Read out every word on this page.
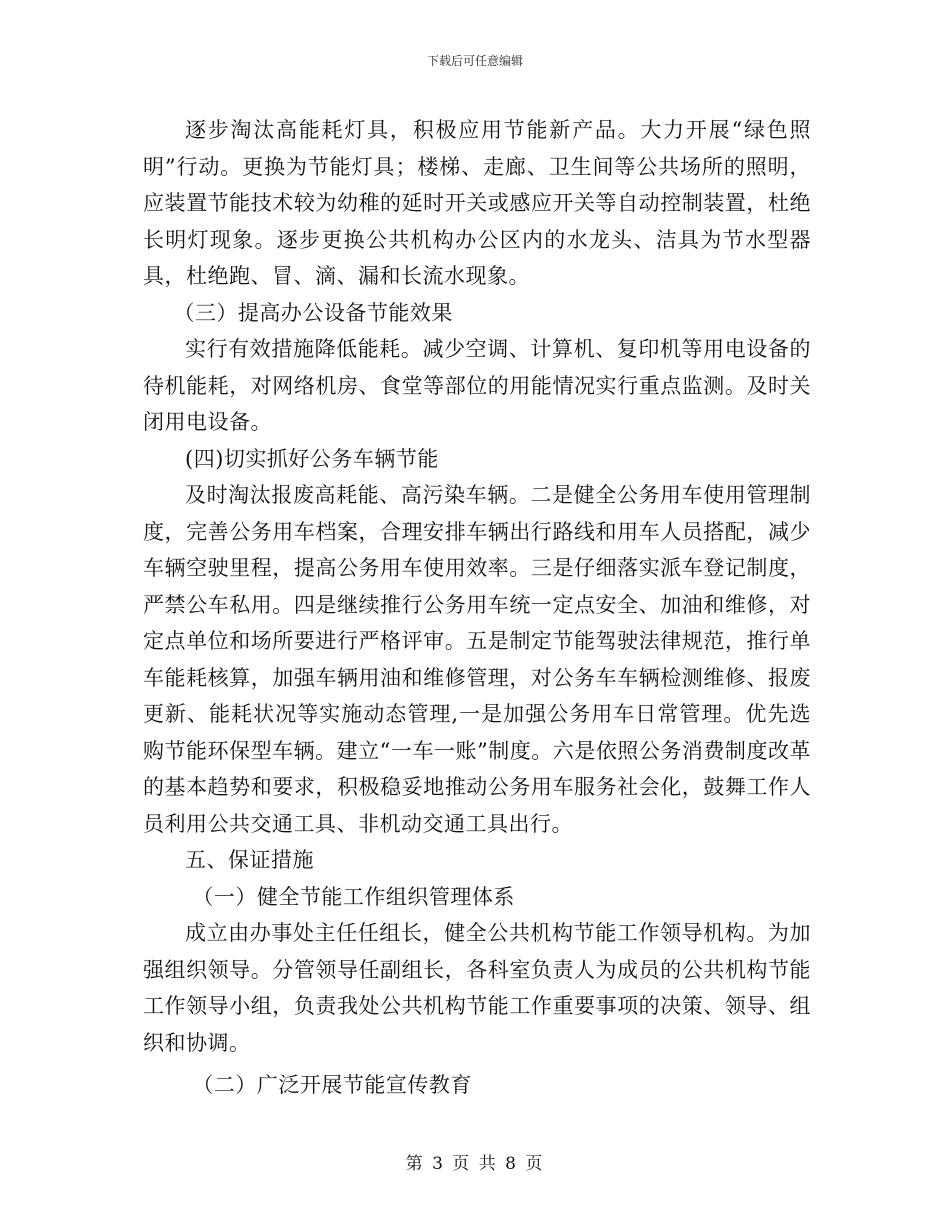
下载后可任意编辑

逐步淘汰高能耗灯具，积极应用节能新产品。大力开展“绿色照明”行动。更换为节能灯具；楼梯、走廊、卫生间等公共场所的照明，应装置节能技术较为幼稚的延时开关或感应开关等自动控制装置，杜绝长明灯现象。逐步更换公共机构办公区内的水龙头、洁具为节水型器具，杜绝跑、冒、滴、漏和长流水现象。

（三）提高办公设备节能效果

实行有效措施降低能耗。减少空调、计算机、复印机等用电设备的待机能耗，对网络机房、食堂等部位的用能情况实行重点监测。及时关闭用电设备。

(四)切实抓好公务车辆节能

及时淘汰报废高耗能、高污染车辆。二是健全公务用车使用管理制度，完善公务用车档案，合理安排车辆出行路线和用车人员搭配，减少车辆空驶里程，提高公务用车使用效率。三是仔细落实派车登记制度，严禁公车私用。四是继续推行公务用车统一定点安全、加油和维修，对定点单位和场所要进行严格评审。五是制定节能驾驶法律规范，推行单车能耗核算，加强车辆用油和维修管理，对公务车车辆检测维修、报废更新、能耗状况等实施动态管理,一是加强公务用车日常管理。优先选购节能环保型车辆。建立“一车一账”制度。六是依照公务消费制度改革的基本趋势和要求，积极稳妥地推动公务用车服务社会化，鼓舞工作人员利用公共交通工具、非机动交通工具出行。

五、保证措施

（一）健全节能工作组织管理体系

成立由办事处主任任组长，健全公共机构节能工作领导机构。为加强组织领导。分管领导任副组长，各科室负责人为成员的公共机构节能工作领导小组，负责我处公共机构节能工作重要事项的决策、领导、组织和协调。

（二）广泛开展节能宣传教育

第 3 页 共 8 页
